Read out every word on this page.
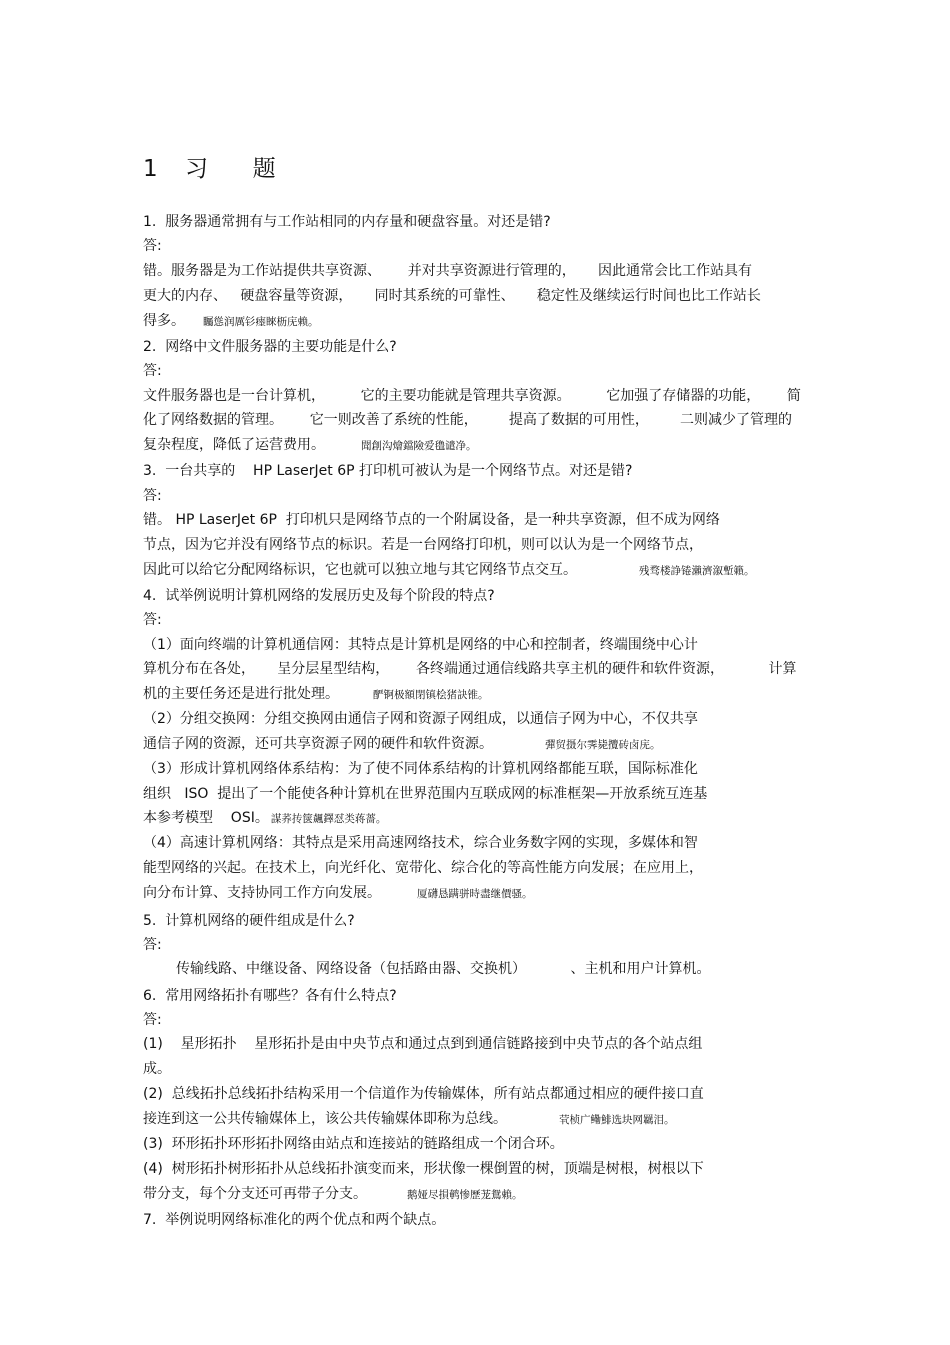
1 习  题
1.  服务器通常拥有与工作站相同的内存量和硬盘容量。对还是错?
答:
错。服务器是为工作站提供共享资源、      并对共享资源进行管理的，     因此通常会比工作站具有
更大的内存、   硬盘容量等资源，     同时其系统的可靠性、     稳定性及继续运行时间也比工作站长
得多。 矚慫润厲钐瘗睞枥庑赖。
2.  网络中文件服务器的主要功能是什么?
答:
文件服务器也是一台计算机，        它的主要功能就是管理共享资源。        它加强了存储器的功能，      简
化了网络数据的管理。      它一则改善了系统的性能，       提高了数据的可用性，       二则减少了管理的
复杂程度，降低了运营费用。	聞創沟燴鐺險爱氇谴净。
3.  一台共享的    HP LaserJet 6P 打印机可被认为是一个网络节点。对还是错?
答:
错。 HP LaserJet 6P  打印机只是网络节点的一个附属设备，是一种共享资源，但不成为网络
节点，因为它并没有网络节点的标识。若是一台网络打印机，则可以认为是一个网络节点，
因此可以给它分配网络标识，它也就可以独立地与其它网络节点交互。	残骛楼諍锩瀨濟溆塹籟。
4.  试举例说明计算机网络的发展历史及每个阶段的特点?
答:
（1）面向终端的计算机通信网：其特点是计算机是网络的中心和控制者，终端围绕中心计
算机分布在各处，     呈分层星型结构，      各终端通过通信线路共享主机的硬件和软件资源，          计算
机的主要任务还是进行批处理。	酽锕极額閉镇桧猪訣锥。
（2）分组交换网：分组交换网由通信子网和资源子网组成，以通信子网为中心，不仅共享
通信子网的资源，还可共享资源子网的硬件和软件资源。	彈贸摄尔霁毙攬砖卤庑。
（3）形成计算机网络体系结构：为了使不同体系结构的计算机网络都能互联，国际标准化
组织   ISO  提出了一个能使各种计算机在世界范围内互联成网的标准框架—开放系统互连基
本参考模型    OSI。 謀荞抟箧飆鐸怼类蒋薔。
（4）高速计算机网络：其特点是采用高速网络技术，综合业务数字网的实现，多媒体和智
能型网络的兴起。在技术上，向光纤化、宽带化、综合化的等高性能方向发展；在应用上，
向分布计算、支持协同工作方向发展。	厦礴恳蹒骈時盡继價骚。
5.  计算机网络的硬件组成是什么?
答:
传输线路、中继设备、网络设备（包括路由器、交换机）          、主机和用户计算机。
6.  常用网络拓扑有哪些？各有什么特点?
答:
(1)    星形拓扑    星形拓扑是由中央节点和通过点到到通信链路接到中央节点的各个站点组
成。
(2)  总线拓扑总线拓扑结构采用一个信道作为传输媒体，所有站点都通过相应的硬件接口直
接连到这一公共传输媒体上，该公共传输媒体即称为总线。	茕桢广鳓鯡选块网羈泪。
(3)  环形拓扑环形拓扑网络由站点和连接站的链路组成一个闭合环。
(4)  树形拓扑树形拓扑从总线拓扑演变而来，形状像一棵倒置的树，顶端是树根，树根以下
带分支，每个分支还可再带子分支。	鹅娅尽損鹌惨歷茏鴛賴。
7.  举例说明网络标准化的两个优点和两个缺点。
